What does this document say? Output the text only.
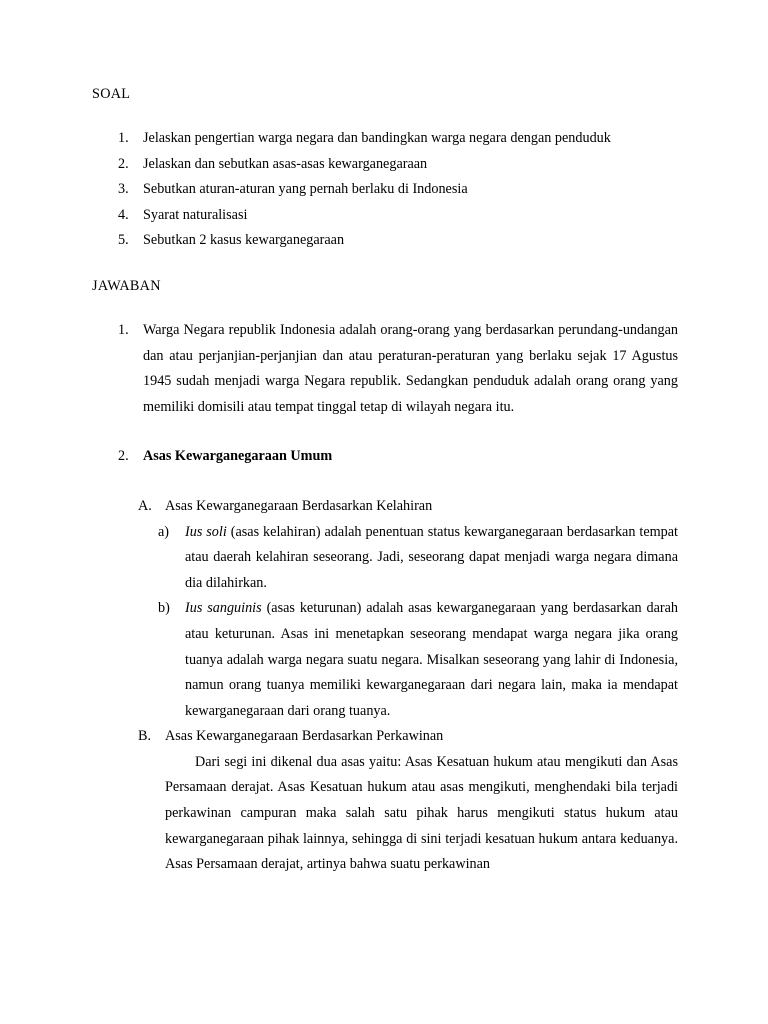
SOAL
1.	Jelaskan pengertian warga negara dan bandingkan warga negara dengan penduduk
2.	Jelaskan dan sebutkan asas-asas kewarganegaraan
3.	Sebutkan aturan-aturan yang pernah berlaku di Indonesia
4.	Syarat naturalisasi
5.	Sebutkan 2 kasus kewarganegaraan
JAWABAN
1.	Warga Negara republik Indonesia adalah orang-orang yang berdasarkan perundang-undangan dan atau perjanjian-perjanjian dan atau peraturan-peraturan yang berlaku sejak 17 Agustus 1945 sudah menjadi warga Negara republik. Sedangkan penduduk adalah orang orang yang memiliki domisili atau tempat tinggal tetap di wilayah negara itu.
2.	Asas Kewarganegaraan Umum
A. Asas Kewarganegaraan Berdasarkan Kelahiran
a)	Ius soli (asas kelahiran) adalah penentuan status kewarganegaraan berdasarkan tempat atau daerah kelahiran seseorang. Jadi, seseorang dapat menjadi warga negara dimana dia dilahirkan.
b)	Ius sanguinis (asas keturunan) adalah asas kewarganegaraan yang berdasarkan darah atau keturunan. Asas ini menetapkan seseorang mendapat warga negara jika orang tuanya adalah warga negara suatu negara. Misalkan seseorang yang lahir di Indonesia, namun orang tuanya memiliki kewarganegaraan dari negara lain, maka ia mendapat kewarganegaraan dari orang tuanya.
B. Asas Kewarganegaraan Berdasarkan Perkawinan
Dari segi ini dikenal dua asas yaitu: Asas Kesatuan hukum atau mengikuti dan Asas Persamaan derajat. Asas Kesatuan hukum atau asas mengikuti, menghendaki bila terjadi perkawinan campuran maka salah satu pihak harus mengikuti status hukum atau kewarganegaraan pihak lainnya, sehingga di sini terjadi kesatuan hukum antara keduanya. Asas Persamaan derajat, artinya bahwa suatu perkawinan
